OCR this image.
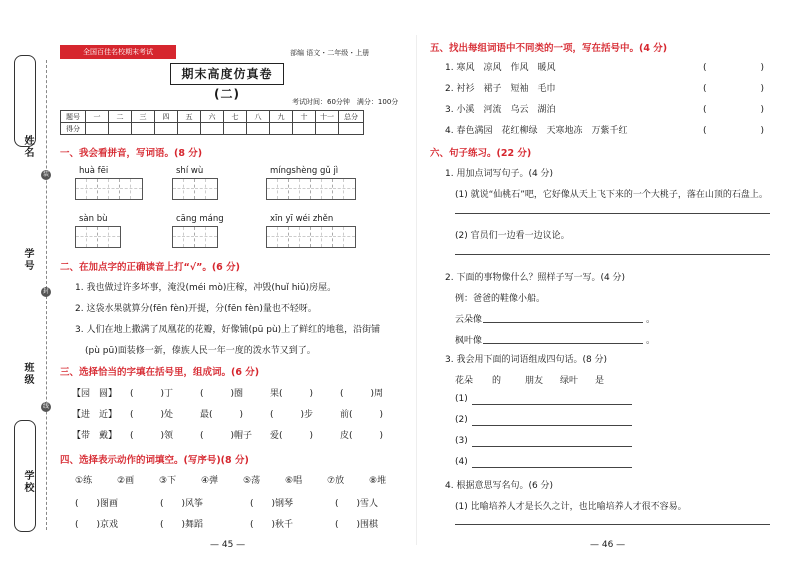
姓名
学号
班级
学校
装
封
线
全国百佳名校期末考试	部编 语文・二年级・上册
期末高度仿真卷(二)
考试时间：60分钟　满分：100分
题号	一	二	三	四	五	六	七	八	九	十	十一	总分
得分												
一、我会看拼音，写词语。(8 分)
huà fēi	shí wù	míngshèng gǔ jì
sàn bù	cāng máng	xīn yī wéi zhěn
二、在加点字的正确读音上打“√”。(6 分)
1. 我也做过许多坏事，淹没(méi mò)庄稼，冲毁(huǐ hiǔ)房屋。
2. 这袋水果就算分(fēn fèn)开提，分(fēn fèn)量也不轻呀。
3. 人们在地上撒满了凤凰花的花瓣，好像铺(pū pù)上了鲜红的地毯，沿街铺
(pù pū)面装修一新，傣族人民一年一度的泼水节又到了。
三、选择恰当的字填在括号里，组成词。(6 分)
【园　圆】 (　　　)丁	(　　　)圈	果(　　　)	(　　　)周
【进　近】 (　　　)处	最(　　　)	(　　　)步	前(　　　)
【带　戴】 (　　　)领	(　　　)帽子 爱(　　　)	皮(　　　)
四、选择表示动作的词填空。(写序号)(8 分)
①练	②画	③下	④弹	⑤荡	⑥唱	⑦放	⑧堆
(　　)图画	(　　)风筝	(　　)钢琴	(　　)雪人
(　　)京戏	(　　)舞蹈	(　　)秋千	(　　)围棋
— 45 —
五、找出每组词语中不同类的一项，写在括号中。(4 分)
1. 寒风　凉风　作风　暖风	(　　　　　　)
2. 衬衫　裙子　短袖　毛巾	(　　　　　　)
3. 小溪　河流　乌云　湖泊	(　　　　　　)
4. 春色满园　花红柳绿　天寒地冻　万紫千红	(　　　　　　)
六、句子练习。(22 分)
1. 用加点词写句子。(4 分)
(1) 就说“仙桃石”吧，它好像从天上飞下来的一个大桃子，落在山顶的石盘上。
(2) 官员们一边看一边议论。
2. 下面的事物像什么？照样子写一写。(4 分)
例：爸爸的鞋像小船。
云朵像	。
枫叶像	。
3. 我会用下面的词语组成四句话。(8 分)
花朵 的	朋友 绿叶 是
(1)
(2)
(3)
(4)
4. 根据意思写名句。(6 分)
(1) 比喻培养人才是长久之计，也比喻培养人才很不容易。
— 46 —
